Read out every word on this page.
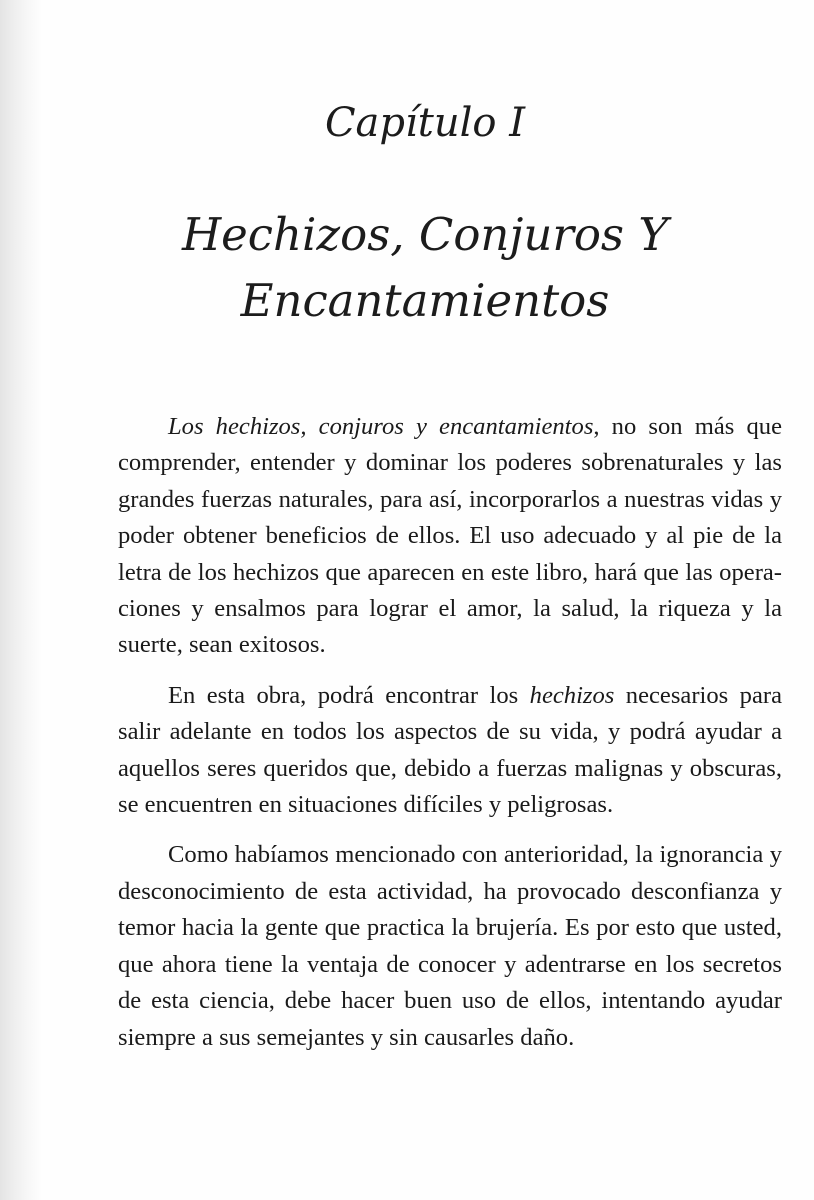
Capítulo I
Hechizos, Conjuros Y
Encantamientos

Los hechizos, conjuros y encantamientos, no son más que comprender, entender y dominar los poderes sobrenaturales y las grandes fuerzas naturales, para así, incorporarlos a nuestras vidas y poder obtener beneficios de ellos. El uso adecuado y al pie de la letra de los hechizos que aparecen en este libro, hará que las operaciones y ensalmos para lograr el amor, la salud, la riqueza y la suerte, sean exitosos.

En esta obra, podrá encontrar los hechizos necesarios para salir adelante en todos los aspectos de su vida, y podrá ayudar a aquellos seres queridos que, debido a fuerzas malignas y obscuras, se encuentren en situaciones difíciles y peligrosas.

Como habíamos mencionado con anterioridad, la ignorancia y desconocimiento de esta actividad, ha provocado desconfianza y temor hacia la gente que practica la brujería. Es por esto que usted, que ahora tiene la ventaja de conocer y adentrarse en los secretos de esta ciencia, debe hacer buen uso de ellos, intentando ayudar siempre a sus semejantes y sin causarles daño.
